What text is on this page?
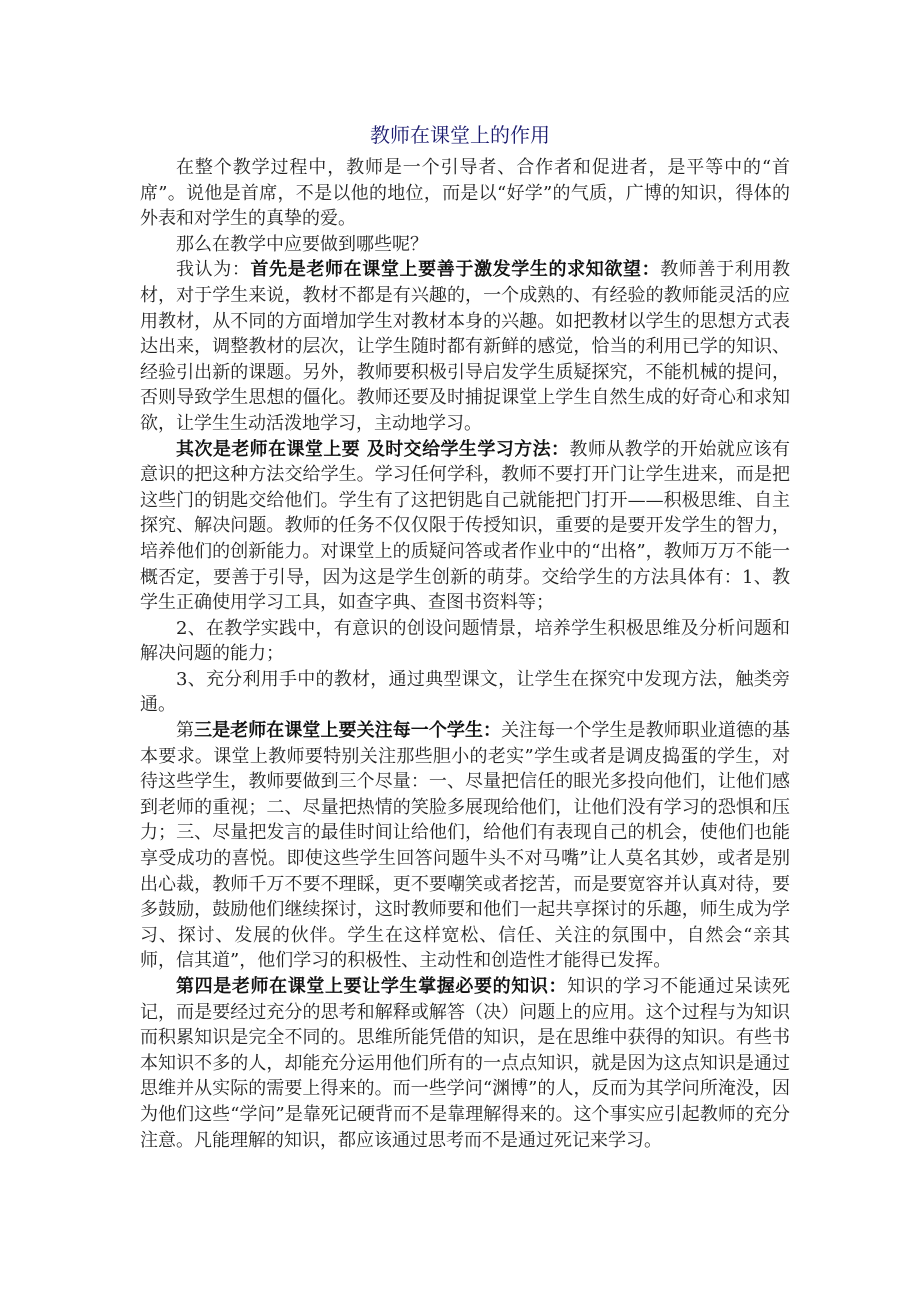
教师在课堂上的作用

在整个教学过程中，教师是一个引导者、合作者和促进者，是平等中的“首席”。说他是首席，不是以他的地位，而是以“好学”的气质，广博的知识，得体的外表和对学生的真挚的爱。

那么在教学中应要做到哪些呢？

我认为：首先是老师在课堂上要善于激发学生的求知欲望：教师善于利用教材，对于学生来说，教材不都是有兴趣的，一个成熟的、有经验的教师能灵活的应用教材，从不同的方面增加学生对教材本身的兴趣。如把教材以学生的思想方式表达出来，调整教材的层次，让学生随时都有新鲜的感觉，恰当的利用已学的知识、经验引出新的课题。另外，教师要积极引导启发学生质疑探究，不能机械的提问，否则导致学生思想的僵化。教师还要及时捕捉课堂上学生自然生成的好奇心和求知欲，让学生生动活泼地学习，主动地学习。

其次是老师在课堂上要 及时交给学生学习方法：教师从教学的开始就应该有意识的把这种方法交给学生。学习任何学科，教师不要打开门让学生进来，而是把这些门的钥匙交给他们。学生有了这把钥匙自己就能把门打开——积极思维、自主探究、解决问题。教师的任务不仅仅限于传授知识，重要的是要开发学生的智力，培养他们的创新能力。对课堂上的质疑问答或者作业中的“出格”，教师万万不能一概否定，要善于引导，因为这是学生创新的萌芽。交给学生的方法具体有：1、教学生正确使用学习工具，如查字典、查图书资料等；

2、在教学实践中，有意识的创设问题情景，培养学生积极思维及分析问题和解决问题的能力；

3、充分利用手中的教材，通过典型课文，让学生在探究中发现方法，触类旁通。

第三是老师在课堂上要关注每一个学生：关注每一个学生是教师职业道德的基本要求。课堂上教师要特别关注那些胆小的老实”学生或者是调皮捣蛋的学生，对待这些学生，教师要做到三个尽量：一、尽量把信任的眼光多投向他们，让他们感到老师的重视；二、尽量把热情的笑脸多展现给他们，让他们没有学习的恐惧和压力；三、尽量把发言的最佳时间让给他们，给他们有表现自己的机会，使他们也能享受成功的喜悦。即使这些学生回答问题牛头不对马嘴”让人莫名其妙，或者是别出心裁，教师千万不要不理睬，更不要嘲笑或者挖苦，而是要宽容并认真对待，要多鼓励，鼓励他们继续探讨，这时教师要和他们一起共享探讨的乐趣，师生成为学习、探讨、发展的伙伴。学生在这样宽松、信任、关注的氛围中，自然会“亲其师，信其道”，他们学习的积极性、主动性和创造性才能得已发挥。

第四是老师在课堂上要让学生掌握必要的知识：知识的学习不能通过呆读死记，而是要经过充分的思考和解释或解答（决）问题上的应用。这个过程与为知识而积累知识是完全不同的。思维所能凭借的知识，是在思维中获得的知识。有些书本知识不多的人，却能充分运用他们所有的一点点知识，就是因为这点知识是通过思维并从实际的需要上得来的。而一些学问“渊博”的人，反而为其学问所淹没，因为他们这些“学问”是靠死记硬背而不是靠理解得来的。这个事实应引起教师的充分注意。凡能理解的知识，都应该通过思考而不是通过死记来学习。
